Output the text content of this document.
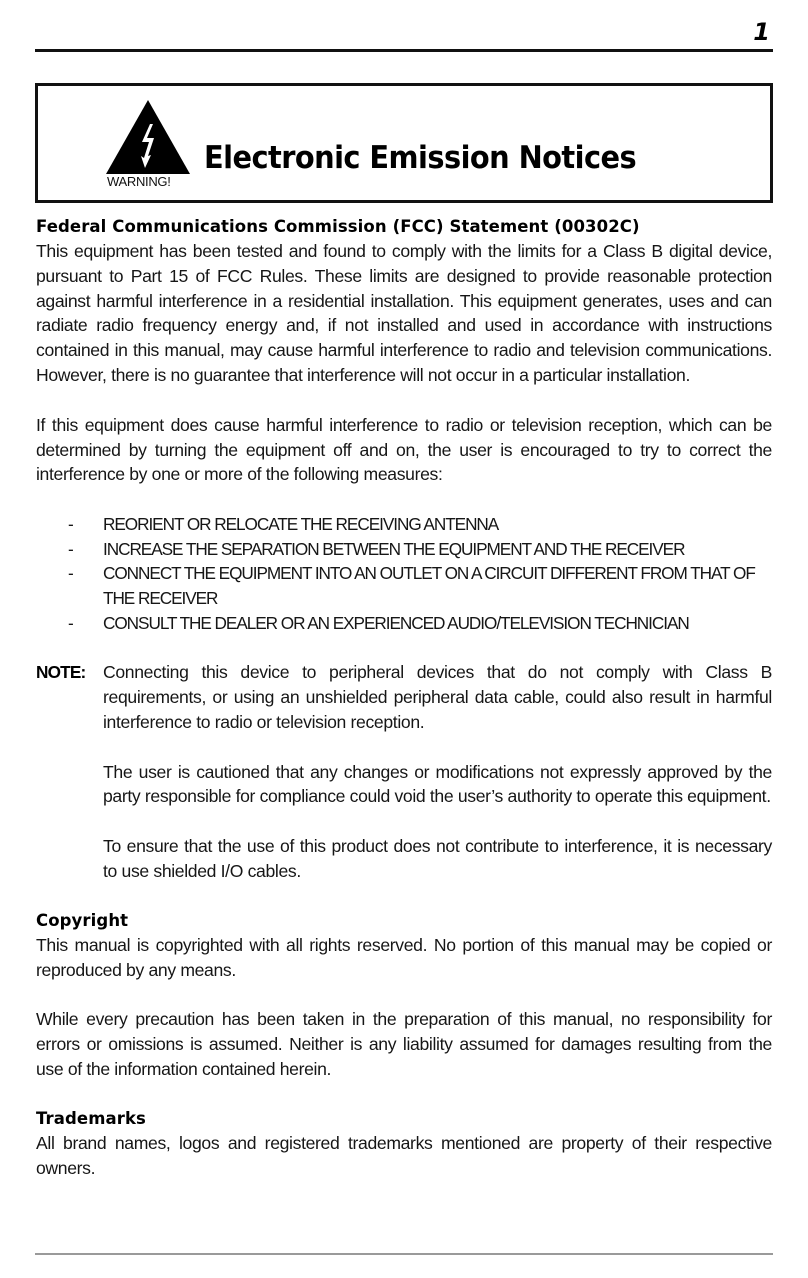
1
WARNING!
Electronic Emission Notices
Federal Communications Commission (FCC) Statement (00302C)

This equipment has been tested and found to comply with the limits for a Class B digital device, pursuant to Part 15 of FCC Rules. These limits are designed to provide reasonable protection against harmful interference in a residential installation. This equipment generates, uses and can radiate radio frequency energy and, if not installed and used in accordance with instructions contained in this manual, may cause harmful interference to radio and television communications. However, there is no guarantee that interference will not occur in a particular installation.

If this equipment does cause harmful interference to radio or television reception, which can be determined by turning the equipment off and on, the user is encouraged to try to correct the interference by one or more of the following measures:

- REORIENT OR RELOCATE THE RECEIVING ANTENNA
- INCREASE THE SEPARATION BETWEEN THE EQUIPMENT AND THE RECEIVER
- CONNECT THE EQUIPMENT INTO AN OUTLET ON A CIRCUIT DIFFERENT FROM THAT OF THE RECEIVER
- CONSULT THE DEALER OR AN EXPERIENCED AUDIO/TELEVISION TECHNICIAN
NOTE: Connecting this device to peripheral devices that do not comply with Class B requirements, or using an unshielded peripheral data cable, could also result in harmful interference to radio or television reception.

The user is cautioned that any changes or modifications not expressly approved by the party responsible for compliance could void the user’s authority to operate this equipment.

To ensure that the use of this product does not contribute to interference, it is necessary to use shielded I/O cables.

Copyright

This manual is copyrighted with all rights reserved. No portion of this manual may be copied or reproduced by any means.

While every precaution has been taken in the preparation of this manual, no responsibility for errors or omissions is assumed. Neither is any liability assumed for damages resulting from the use of the information contained herein.

Trademarks

All brand names, logos and registered trademarks mentioned are property of their respective owners.
